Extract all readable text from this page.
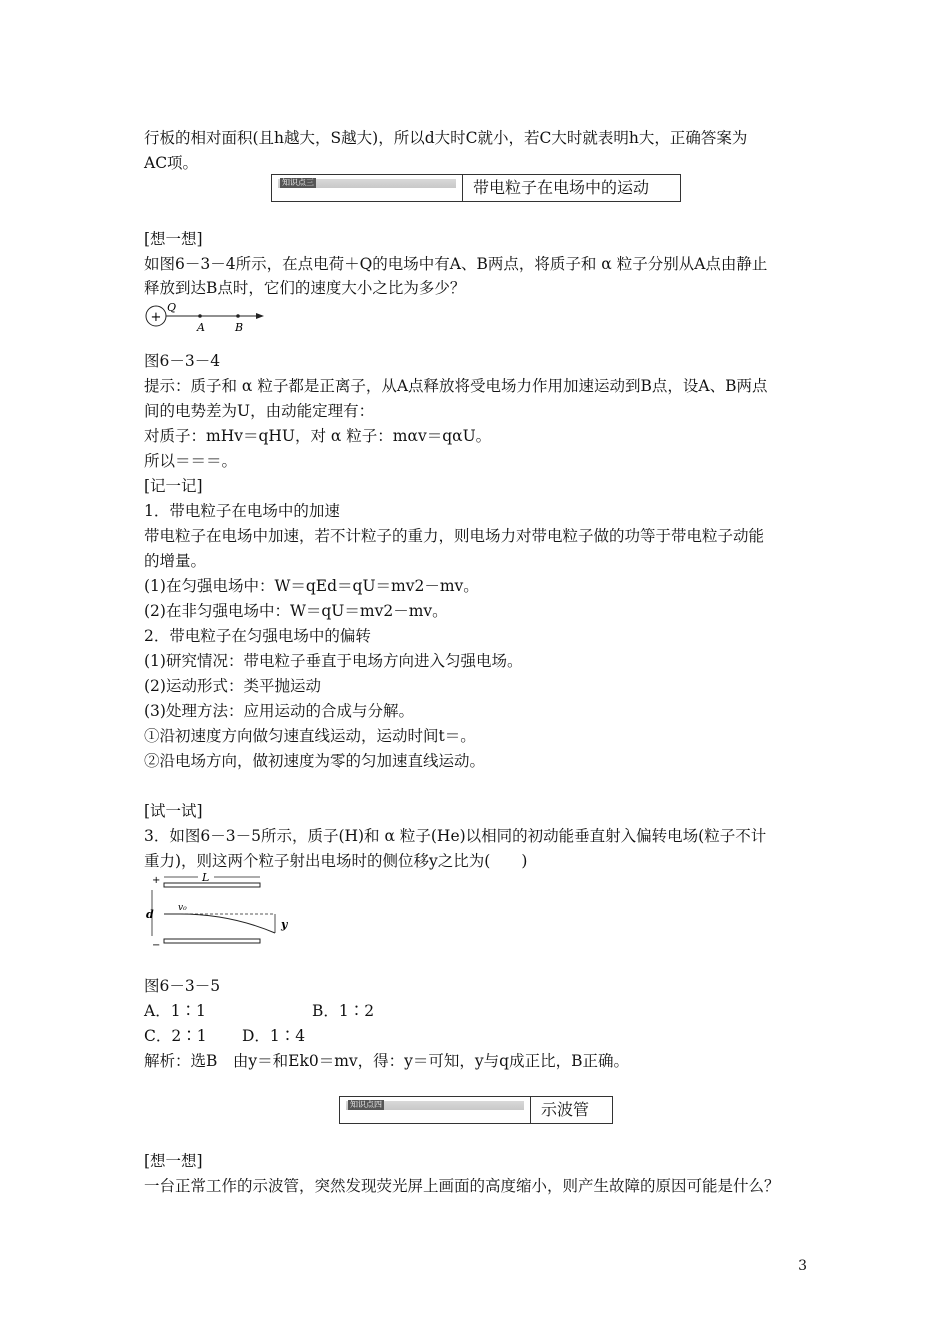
行板的相对面积(且h越大，S越大)，所以d大时C就小，若C大时就表明h大，正确答案为
AC项。
知识点三	带电粒子在电场中的运动
[想一想]
如图6－3－4所示，在点电荷＋Q的电场中有A、B两点，将质子和 α 粒子分别从A点由静止
释放到达B点时，它们的速度大小之比为多少？
+
Q
A	B
图6－3－4
提示：质子和 α 粒子都是正离子，从A点释放将受电场力作用加速运动到B点，设A、B两点
间的电势差为U，由动能定理有：
对质子：mHv＝qHU，对 α 粒子：mαv＝qαU。
所以＝＝＝。
[记一记]
1．带电粒子在电场中的加速
带电粒子在电场中加速，若不计粒子的重力，则电场力对带电粒子做的功等于带电粒子动能
的增量。
(1)在匀强电场中：W＝qEd＝qU＝mv2－mv。
(2)在非匀强电场中：W＝qU＝mv2－mv。
2．带电粒子在匀强电场中的偏转
(1)研究情况：带电粒子垂直于电场方向进入匀强电场。
(2)运动形式：类平抛运动
(3)处理方法：应用运动的合成与分解。
①沿初速度方向做匀速直线运动，运动时间t＝。
②沿电场方向，做初速度为零的匀加速直线运动。
[试一试]
3．如图6－3－5所示，质子(H)和 α 粒子(He)以相同的初动能垂直射入偏转电场(粒子不计
重力)，则这两个粒子射出电场时的侧位移y之比为(　　)
+
−
L
d	v₀
y
图6－3－5
A．1∶1	B．1∶2
C．2∶1 D．1∶4
解析：选B　由y＝和Ek0＝mv，得：y＝可知，y与q成正比，B正确。
知识点四	示波管
[想一想]
一台正常工作的示波管，突然发现荧光屏上画面的高度缩小，则产生故障的原因可能是什么？
3
